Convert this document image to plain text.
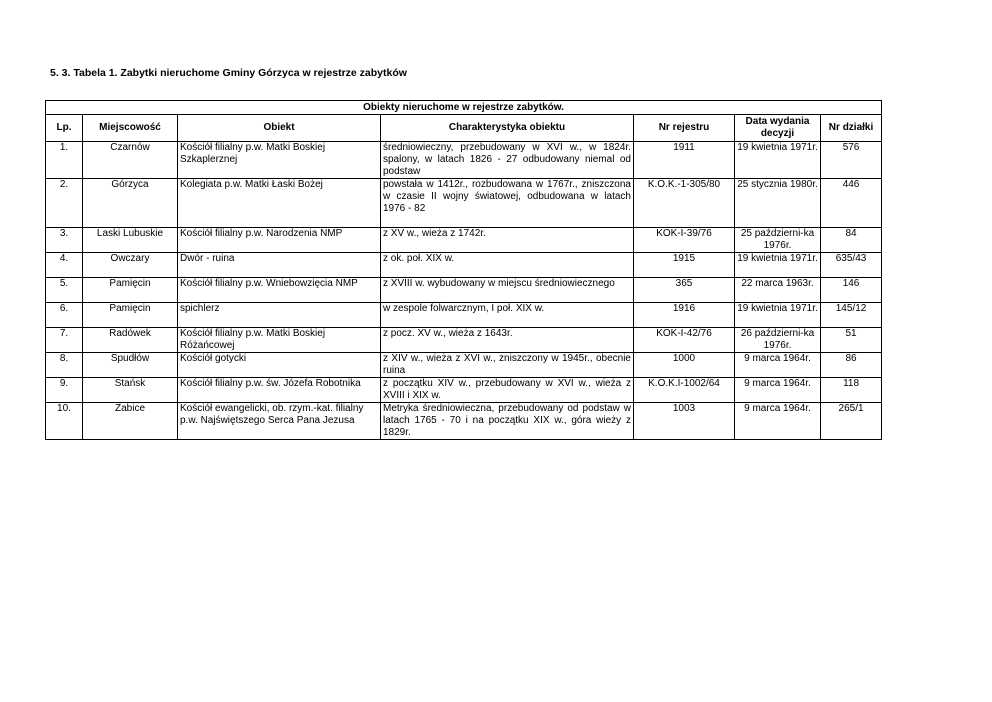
5. 3. Tabela 1. Zabytki nieruchome Gminy Górzyca w rejestrze zabytków
Obiekty nieruchome w rejestrze zabytków.						
Lp.	Miejscowość	Obiekt	Charakterystyka obiektu	Nr rejestru	Data wydania decyzji	Nr działki
1.	Czarnów	Kościół filialny p.w. Matki Boskiej Szkaplerznej	średniowieczny, przebudowany w XVI w., w 1824r. spalony, w latach 1826 - 27 odbudowany niemal od podstaw	1911	19 kwietnia 1971r.	576
2.	Górzyca	Kolegiata p.w. Matki Łaski Bożej	powstała w 1412r., rozbudowana w 1767r., zniszczona w czasie II wojny światowej, odbudowana w latach 1976 - 82	K.O.K.-1-305/80	25 stycznia 1980r.	446
3.	Laski Lubuskie	Kościół filialny p.w. Narodzenia NMP	z XV w., wieża z 1742r.	KOK-I-39/76	25 październi-ka 1976r.	84
4.	Owczary	Dwór - ruina	z ok. poł. XIX w.	1915	19 kwietnia 1971r.	635/43
5.	Pamięcin	Kościół filialny p.w. Wniebowzięcia NMP	z XVIII w. wybudowany w miejscu średniowiecznego	365	22 marca 1963r.	146
6.	Pamięcin	spichlerz	w zespole folwarcznym, I poł. XIX w.	1916	19 kwietnia 1971r.	145/12
7.	Radówek	Kościół filialny p.w. Matki Boskiej Różańcowej	z pocz. XV w., wieża z 1643r.	KOK-I-42/76	26 październi-ka 1976r.	51
8.	Spudłów	Kościół gotycki	z XIV w., wieża z XVI w., zniszczony w 1945r., obecnie ruina	1000	9 marca 1964r.	86
9.	Stańsk	Kościół filialny p.w. św. Józefa Robotnika	z początku XIV w., przebudowany w XVI w., wieża z XVIII i XIX w.	K.O.K.I-1002/64	9 marca 1964r.	118
10.	Żabice	Kościół ewangelicki, ob. rzym.-kat. filialny p.w. Najświętszego Serca Pana Jezusa	Metryka średniowieczna, przebudowany od podstaw w latach 1765 - 70 i na początku XIX w., góra wieży z 1829r.	1003	9 marca 1964r.	265/1
